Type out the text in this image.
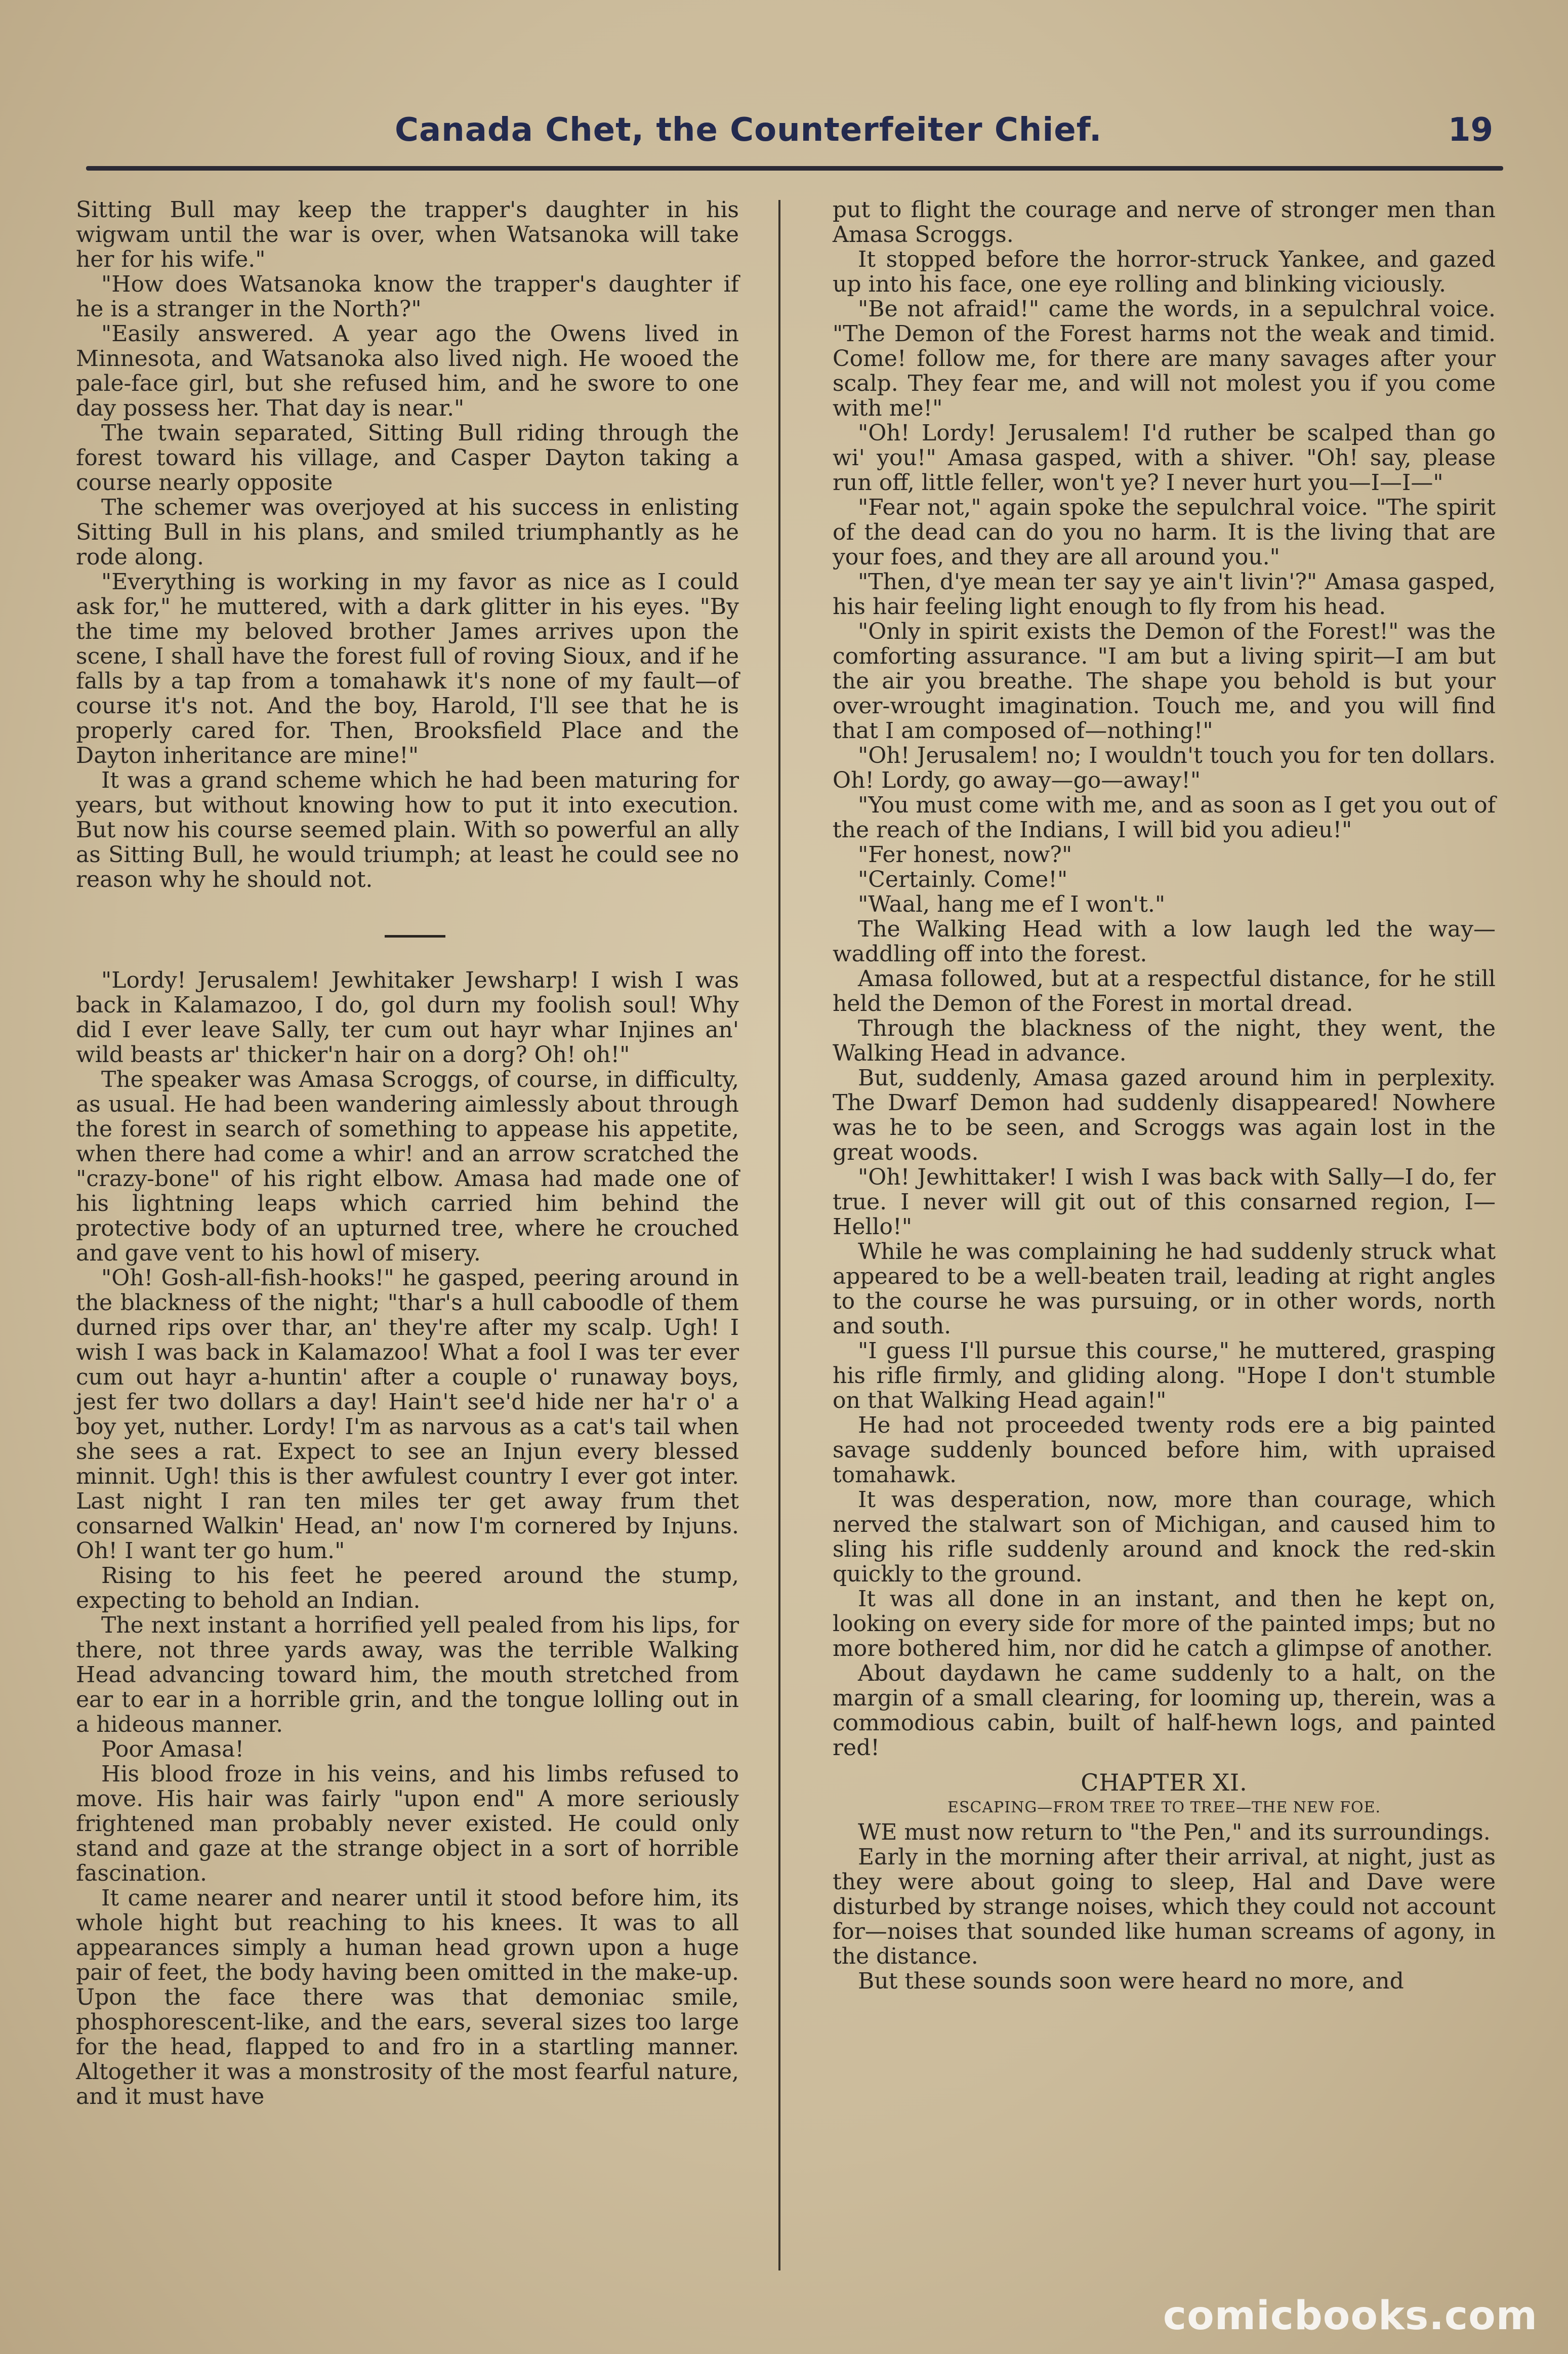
Canada Chet, the Counterfeiter Chief.	19

Sitting Bull may keep the trapper's daughter in his wigwam until the war is over, when Watsanoka will take her for his wife."

"How does Watsanoka know the trapper's daughter if he is a stranger in the North?"

"Easily answered. A year ago the Owens lived in Minnesota, and Watsanoka also lived nigh. He wooed the pale-face girl, but she refused him, and he swore to one day possess her. That day is near."

The twain separated, Sitting Bull riding through the forest toward his village, and Casper Dayton taking a course nearly opposite

The schemer was overjoyed at his success in enlisting Sitting Bull in his plans, and smiled triumphantly as he rode along.

"Everything is working in my favor as nice as I could ask for," he muttered, with a dark glitter in his eyes. "By the time my beloved brother James arrives upon the scene, I shall have the forest full of roving Sioux, and if he falls by a tap from a tomahawk it's none of my fault—of course it's not. And the boy, Harold, I'll see that he is properly cared for. Then, Brooksfield Place and the Dayton inheritance are mine!"

It was a grand scheme which he had been maturing for years, but without knowing how to put it into execution. But now his course seemed plain. With so powerful an ally as Sitting Bull, he would triumph; at least he could see no reason why he should not.

"Lordy! Jerusalem! Jewhitaker Jewsharp! I wish I was back in Kalamazoo, I do, gol durn my foolish soul! Why did I ever leave Sally, ter cum out hayr whar Injines an' wild beasts ar' thicker'n hair on a dorg? Oh! oh!"

The speaker was Amasa Scroggs, of course, in difficulty, as usual. He had been wandering aimlessly about through the forest in search of something to appease his appetite, when there had come a whir! and an arrow scratched the "crazy-bone" of his right elbow. Amasa had made one of his lightning leaps which carried him behind the protective body of an upturned tree, where he crouched and gave vent to his howl of misery.

"Oh! Gosh-all-fish-hooks!" he gasped, peering around in the blackness of the night; "thar's a hull caboodle of them durned rips over thar, an' they're after my scalp. Ugh! I wish I was back in Kalamazoo! What a fool I was ter ever cum out hayr a-huntin' after a couple o' runaway boys, jest fer two dollars a day! Hain't see'd hide ner ha'r o' a boy yet, nuther. Lordy! I'm as narvous as a cat's tail when she sees a rat. Expect to see an Injun every blessed minnit. Ugh! this is ther awfulest country I ever got inter. Last night I ran ten miles ter get away frum thet consarned Walkin' Head, an' now I'm cornered by Injuns. Oh! I want ter go hum."

Rising to his feet he peered around the stump, expecting to behold an Indian.

The next instant a horrified yell pealed from his lips, for there, not three yards away, was the terrible Walking Head advancing toward him, the mouth stretched from ear to ear in a horrible grin, and the tongue lolling out in a hideous manner.

Poor Amasa!

His blood froze in his veins, and his limbs refused to move. His hair was fairly "upon end" A more seriously frightened man probably never existed. He could only stand and gaze at the strange object in a sort of horrible fascination.

It came nearer and nearer until it stood before him, its whole hight but reaching to his knees. It was to all appearances simply a human head grown upon a huge pair of feet, the body having been omitted in the make-up. Upon the face there was that demoniac smile, phosphorescent-like, and the ears, several sizes too large for the head, flapped to and fro in a startling manner. Altogether it was a monstrosity of the most fearful nature, and it must have

put to flight the courage and nerve of stronger men than Amasa Scroggs.

It stopped before the horror-struck Yankee, and gazed up into his face, one eye rolling and blinking viciously.

"Be not afraid!" came the words, in a sepulchral voice. "The Demon of the Forest harms not the weak and timid. Come! follow me, for there are many savages after your scalp. They fear me, and will not molest you if you come with me!"

"Oh! Lordy! Jerusalem! I'd ruther be scalped than go wi' you!" Amasa gasped, with a shiver. "Oh! say, please run off, little feller, won't ye? I never hurt you—I—I—"

"Fear not," again spoke the sepulchral voice. "The spirit of the dead can do you no harm. It is the living that are your foes, and they are all around you."

"Then, d'ye mean ter say ye ain't livin'?" Amasa gasped, his hair feeling light enough to fly from his head.

"Only in spirit exists the Demon of the Forest!" was the comforting assurance. "I am but a living spirit—I am but the air you breathe. The shape you behold is but your over-wrought imagination. Touch me, and you will find that I am composed of—nothing!"

"Oh! Jerusalem! no; I wouldn't touch you for ten dollars. Oh! Lordy, go away—go—away!"

"You must come with me, and as soon as I get you out of the reach of the Indians, I will bid you adieu!"

"Fer honest, now?"

"Certainly. Come!"

"Waal, hang me ef I won't."

The Walking Head with a low laugh led the way—waddling off into the forest.

Amasa followed, but at a respectful distance, for he still held the Demon of the Forest in mortal dread.

Through the blackness of the night, they went, the Walking Head in advance.

But, suddenly, Amasa gazed around him in perplexity. The Dwarf Demon had suddenly disappeared! Nowhere was he to be seen, and Scroggs was again lost in the great woods.

"Oh! Jewhittaker! I wish I was back with Sally—I do, fer true. I never will git out of this consarned region, I— Hello!"

While he was complaining he had suddenly struck what appeared to be a well-beaten trail, leading at right angles to the course he was pursuing, or in other words, north and south.

"I guess I'll pursue this course," he muttered, grasping his rifle firmly, and gliding along. "Hope I don't stumble on that Walking Head again!"

He had not proceeded twenty rods ere a big painted savage suddenly bounced before him, with upraised tomahawk.

It was desperation, now, more than courage, which nerved the stalwart son of Michigan, and caused him to sling his rifle suddenly around and knock the red-skin quickly to the ground.

It was all done in an instant, and then he kept on, looking on every side for more of the painted imps; but no more bothered him, nor did he catch a glimpse of another.

About daydawn he came suddenly to a halt, on the margin of a small clearing, for looming up, therein, was a commodious cabin, built of half-hewn logs, and painted red!

CHAPTER XI.
ESCAPING—FROM TREE TO TREE—THE NEW FOE.

WE must now return to "the Pen," and its surroundings.

Early in the morning after their arrival, at night, just as they were about going to sleep, Hal and Dave were disturbed by strange noises, which they could not account for—noises that sounded like human screams of agony, in the distance.

But these sounds soon were heard no more, and

comicbooks.com
